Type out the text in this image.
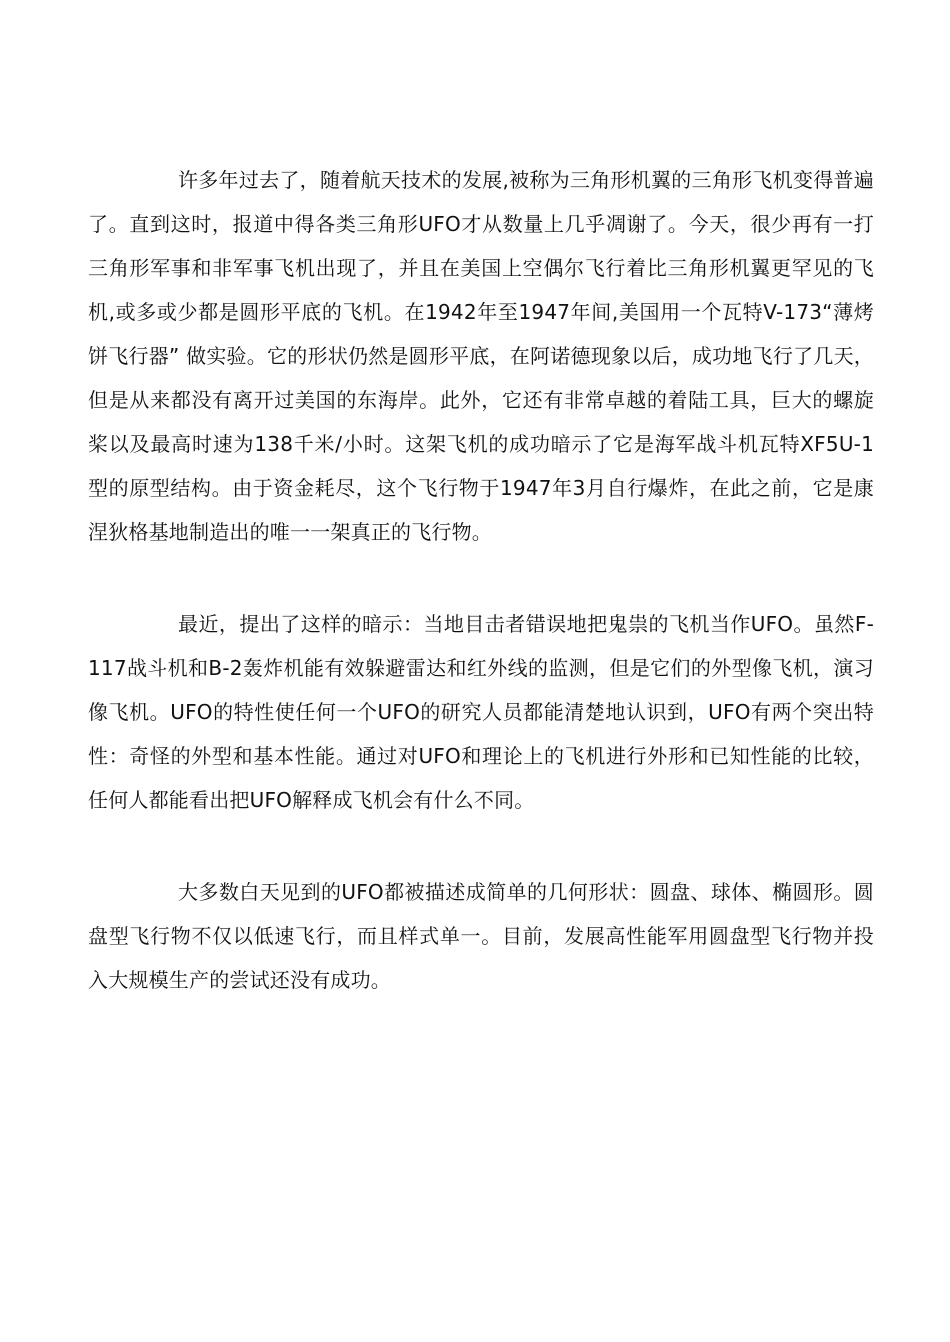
许多年过去了，随着航天技术的发展,被称为三角形机翼的三角形飞机变得普遍了。直到这时，报道中得各类三角形UFO才从数量上几乎凋谢了。今天，很少再有一打三角形军事和非军事飞机出现了，并且在美国上空偶尔飞行着比三角形机翼更罕见的飞机,或多或少都是圆形平底的飞机。在1942年至1947年间,美国用一个瓦特V-173“薄烤饼飞行器” 做实验。它的形状仍然是圆形平底，在阿诺德现象以后，成功地飞行了几天，但是从来都没有离开过美国的东海岸。此外，它还有非常卓越的着陆工具，巨大的螺旋桨以及最高时速为138千米/小时。这架飞机的成功暗示了它是海军战斗机瓦特XF5U-1型的原型结构。由于资金耗尽，这个飞行物于1947年3月自行爆炸，在此之前，它是康涅狄格基地制造出的唯一一架真正的飞行物。

最近，提出了这样的暗示：当地目击者错误地把鬼祟的飞机当作UFO。虽然F-117战斗机和B-2轰炸机能有效躲避雷达和红外线的监测，但是它们的外型像飞机，演习像飞机。UFO的特性使任何一个UFO的研究人员都能清楚地认识到，UFO有两个突出特性：奇怪的外型和基本性能。通过对UFO和理论上的飞机进行外形和已知性能的比较，任何人都能看出把UFO解释成飞机会有什么不同。

大多数白天见到的UFO都被描述成简单的几何形状：圆盘、球体、椭圆形。圆盘型飞行物不仅以低速飞行，而且样式单一。目前，发展高性能军用圆盘型飞行物并投入大规模生产的尝试还没有成功。
